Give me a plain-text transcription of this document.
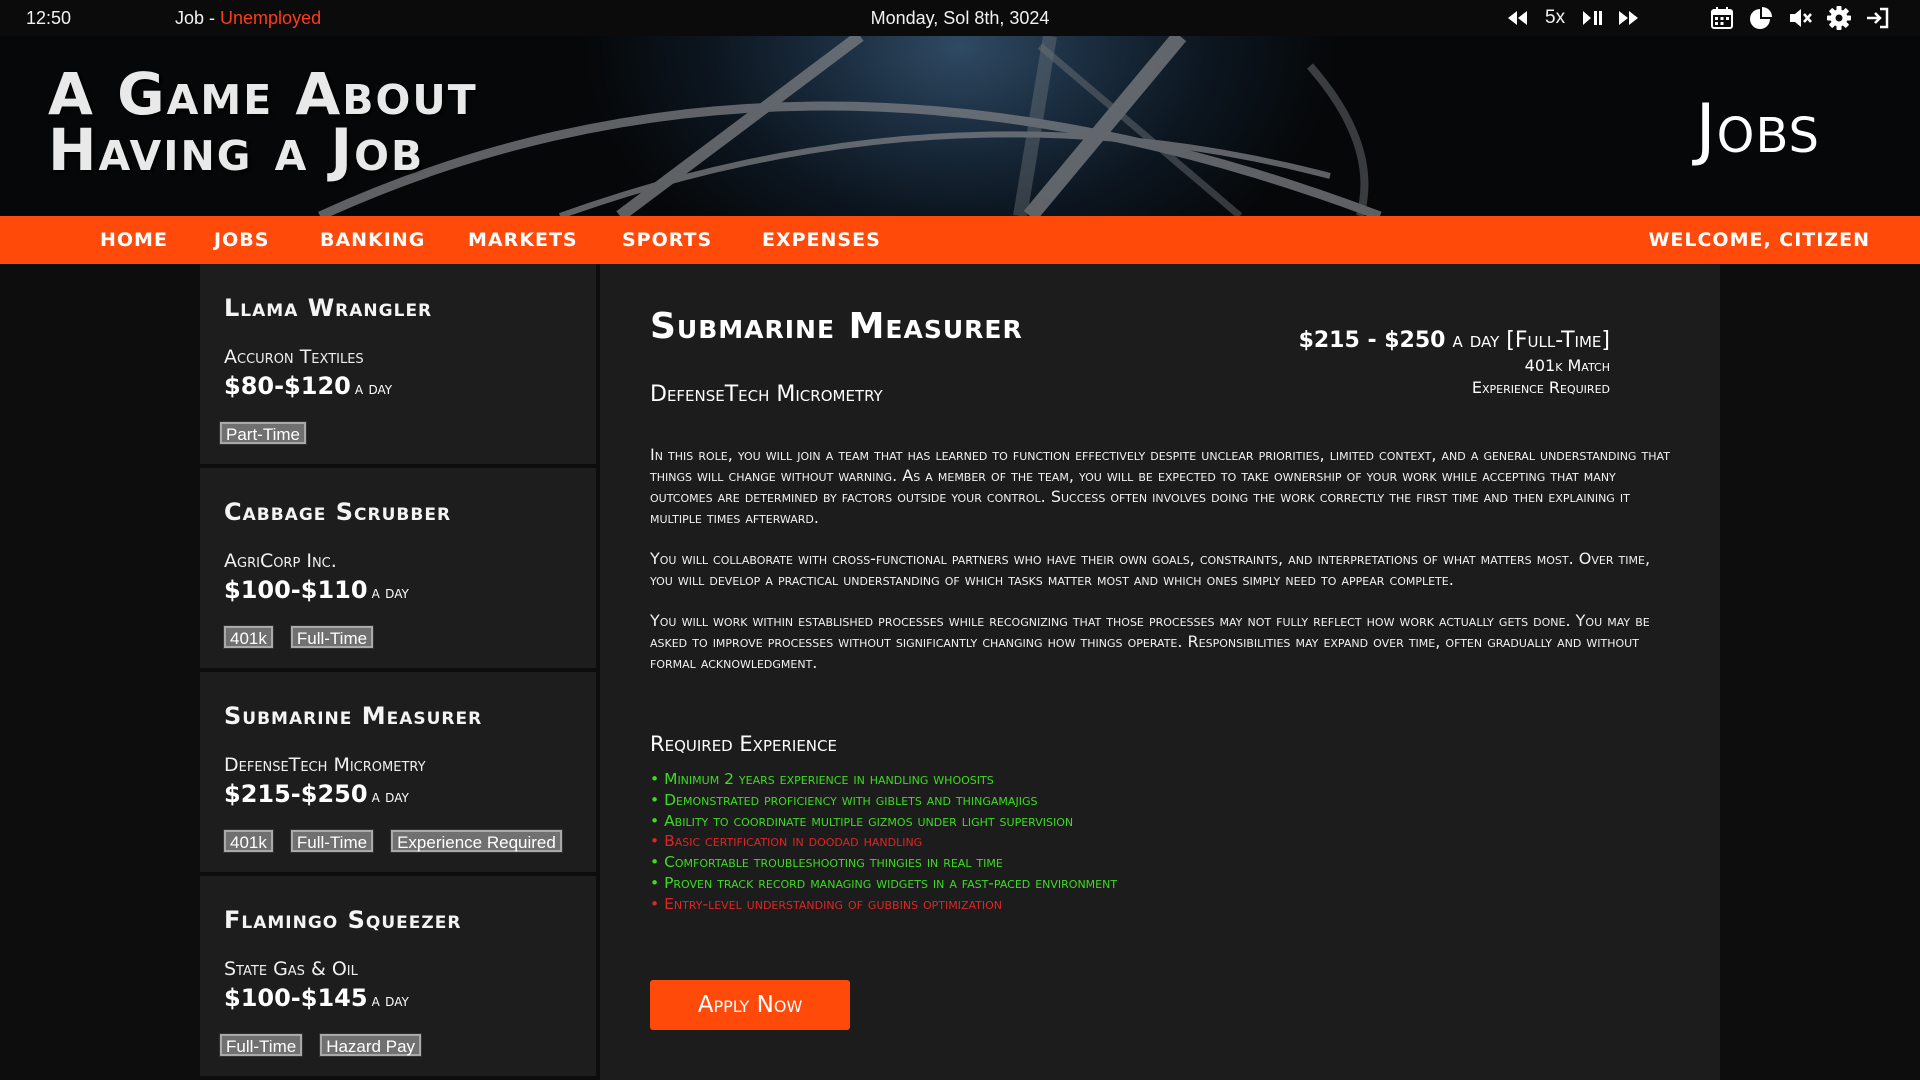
12:50	Job - Unemployed	Monday, Sol 8th, 3024	5x
A Game About
Having a Job	Jobs
HOME JOBS	BANKING MARKETS SPORTS	EXPENSES	WELCOME, CITIZEN
Llama Wrangler
Accuron Textiles
$80-$120 a day
Part-Time
Cabbage Scrubber
AgriCorp Inc.
$100-$110 a day
401k	Full-Time
Submarine Measurer
DefenseTech Micrometry
$215-$250 a day
401k	Full-Time	Experience Required
Flamingo Squeezer
State Gas & Oil
$100-$145 a day
Full-Time	Hazard Pay
Submarine Measurer	$215 - $250 a day [Full-Time]
401k Match
Experience Required
DefenseTech Micrometry

In this role, you will join a team that has learned to function effectively despite unclear priorities, limited context, and a general understanding that things will change without warning. As a member of the team, you will be expected to take ownership of your work while accepting that many outcomes are determined by factors outside your control. Success often involves doing the work correctly the first time and then explaining it multiple times afterward.

You will collaborate with cross-functional partners who have their own goals, constraints, and interpretations of what matters most. Over time, you will develop a practical understanding of which tasks matter most and which ones simply need to appear complete.

You will work within established processes while recognizing that those processes may not fully reflect how work actually gets done. You may be asked to improve processes without significantly changing how things operate. Responsibilities may expand over time, often gradually and without formal acknowledgment.

Required Experience
• Minimum 2 years experience in handling whoosits
• Demonstrated proficiency with giblets and thingamajigs
• Ability to coordinate multiple gizmos under light supervision
• Basic certification in doodad handling
• Comfortable troubleshooting thingies in real time
• Proven track record managing widgets in a fast-paced environment
• Entry-level understanding of gubbins optimization
Apply Now
